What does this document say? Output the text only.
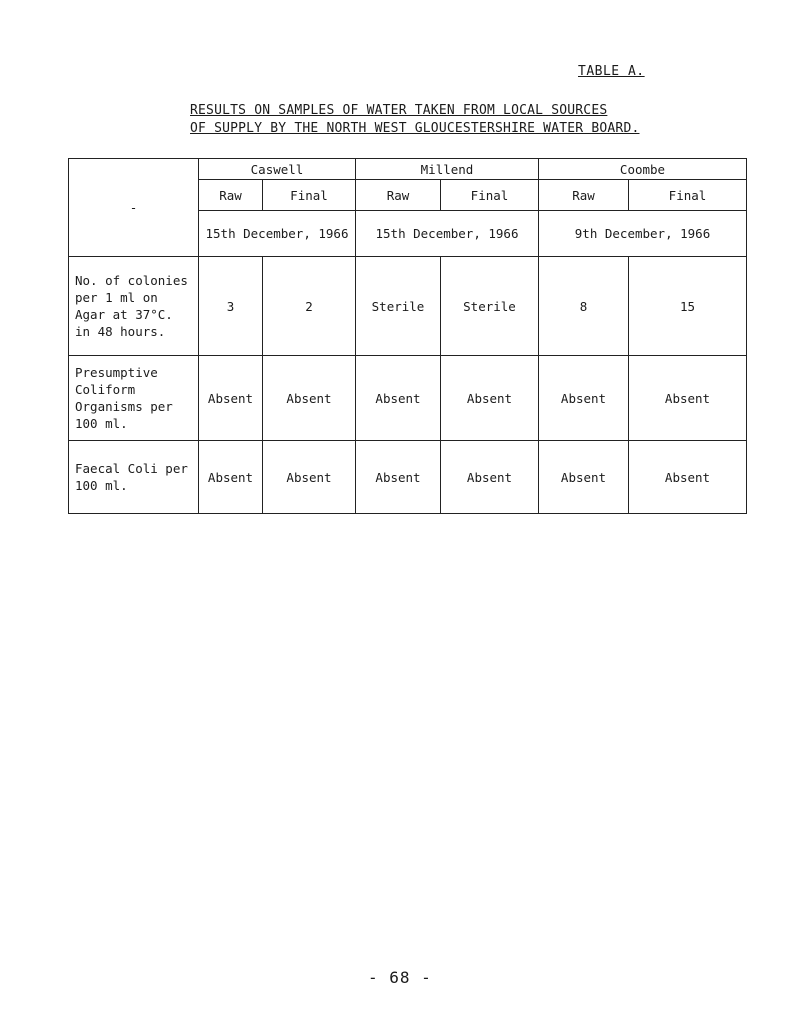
TABLE A.
RESULTS ON SAMPLES OF WATER TAKEN FROM LOCAL SOURCES
OF SUPPLY BY THE NORTH WEST GLOUCESTERSHIRE WATER BOARD.
-	Caswell		Millend		Coombe	
	Raw	Final	Raw	Final	Raw	Final
	15th December, 1966		15th December, 1966		9th December, 1966	
No. of colonies per 1 ml on Agar at 37°C. in 48 hours.	3	2	Sterile	Sterile	8	15
Presumptive Coliform Organisms per 100 ml.	Absent	Absent	Absent	Absent	Absent	Absent
Faecal Coli per 100 ml.	Absent	Absent	Absent	Absent	Absent	Absent
- 68 -
